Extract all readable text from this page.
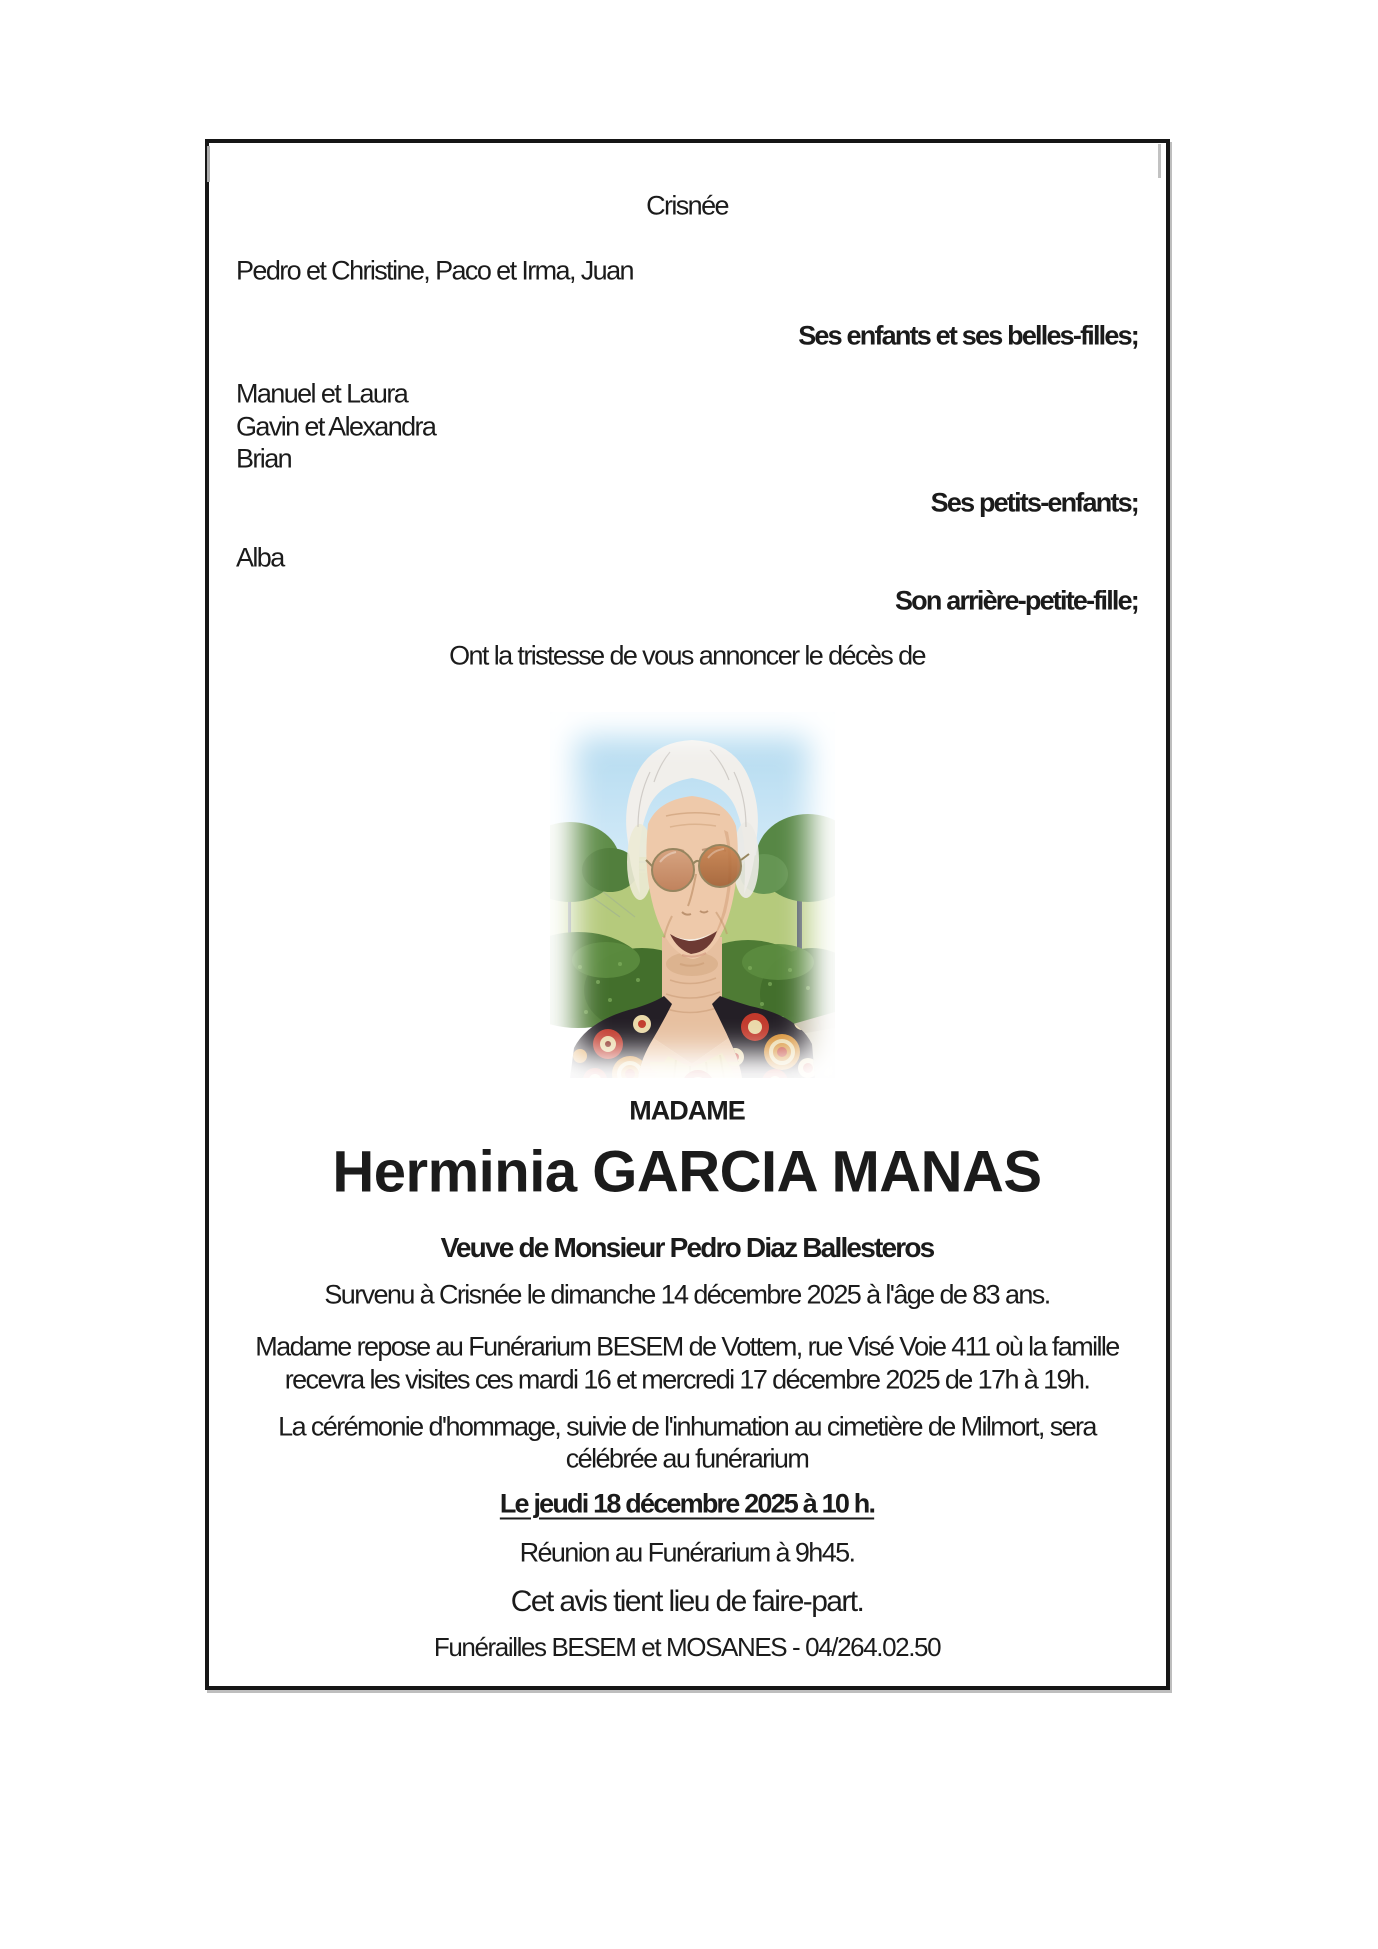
Crisnée
Pedro et Christine, Paco et Irma, Juan
Ses enfants et ses belles-filles;
Manuel et Laura
Gavin et Alexandra
Brian
Ses petits-enfants;
Alba
Son arrière-petite-fille;
Ont la tristesse de vous annoncer le décès de
MADAME
Herminia GARCIA MANAS
Veuve de Monsieur Pedro Diaz Ballesteros
Survenu à Crisnée le dimanche 14 décembre 2025 à l'âge de 83 ans.
Madame repose au Funérarium BESEM de Vottem, rue Visé Voie 411 où la famille
recevra les visites ces mardi 16 et mercredi 17 décembre 2025 de 17h à 19h.
La cérémonie d'hommage, suivie de l'inhumation au cimetière de Milmort, sera
célébrée au funérarium
Le jeudi 18 décembre 2025 à 10 h.
Réunion au Funérarium à 9h45.
Cet avis tient lieu de faire-part.
Funérailles BESEM et MOSANES - 04/264.02.50
